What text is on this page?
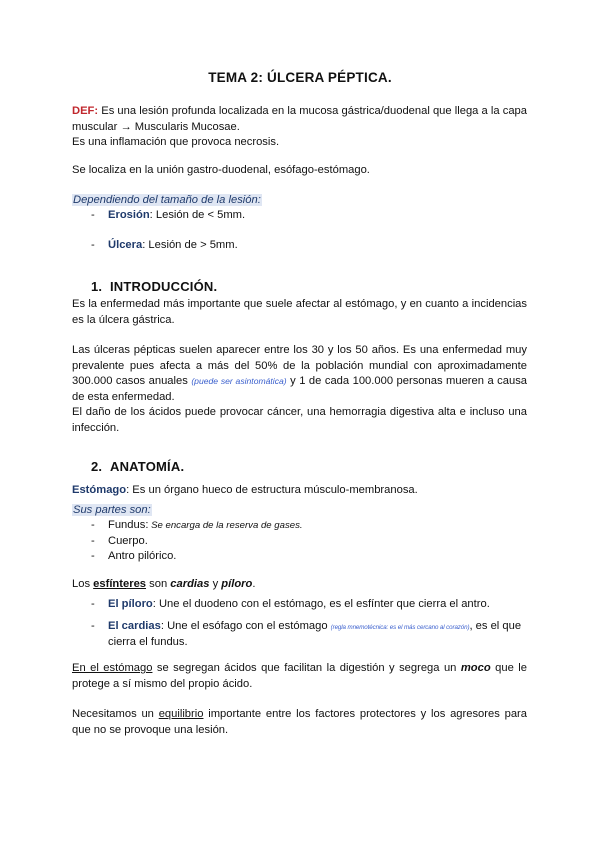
TEMA 2: ÚLCERA PÉPTICA.
DEF: Es una lesión profunda localizada en la mucosa gástrica/duodenal que llega a la capa muscular → Muscularis Mucosae.
Es una inflamación que provoca necrosis.
Se localiza en la unión gastro-duodenal, esófago-estómago.
Dependiendo del tamaño de la lesión:
- Erosión: Lesión de < 5mm.
- Úlcera: Lesión de > 5mm.
1. INTRODUCCIÓN.
Es la enfermedad más importante que suele afectar al estómago, y en cuanto a incidencias es la úlcera gástrica.
Las úlceras pépticas suelen aparecer entre los 30 y los 50 años. Es una enfermedad muy prevalente pues afecta a más del 50% de la población mundial con aproximadamente 300.000 casos anuales (puede ser asintomática) y 1 de cada 100.000 personas mueren a causa de esta enfermedad.
El daño de los ácidos puede provocar cáncer, una hemorragia digestiva alta e incluso una infección.
2. ANATOMÍA.
Estómago: Es un órgano hueco de estructura músculo-membranosa.
Sus partes son:
- Fundus: Se encarga de la reserva de gases.
- Cuerpo.
- Antro pilórico.
Los esfínteres son cardias y píloro.
- El píloro: Une el duodeno con el estómago, es el esfínter que cierra el antro.
- El cardias: Une el esófago con el estómago (regla mnemotécnica: es el más cercano al corazón), es el que cierra el fundus.
En el estómago se segregan ácidos que facilitan la digestión y segrega un moco que le protege a sí mismo del propio ácido.
Necesitamos un equilibrio importante entre los factores protectores y los agresores para que no se provoque una lesión.
